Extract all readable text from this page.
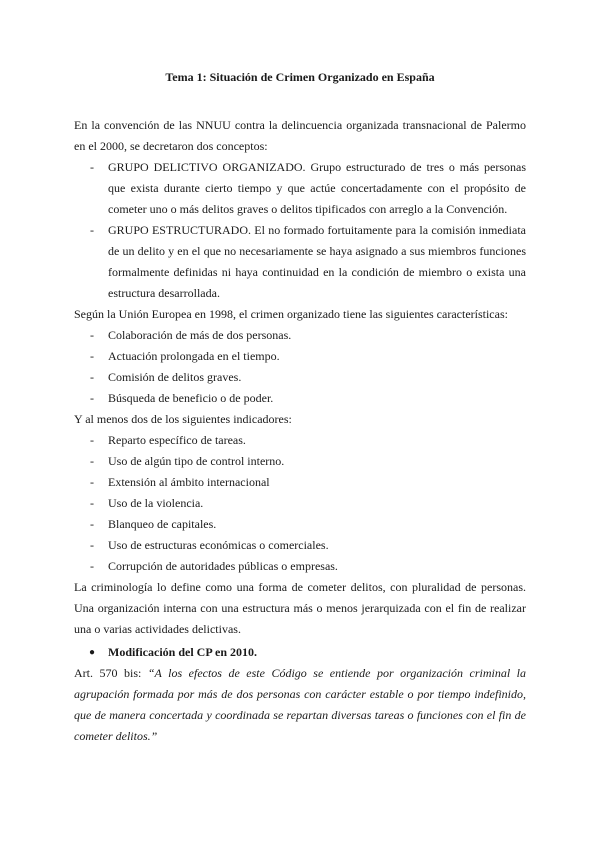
Tema 1: Situación de Crimen Organizado en España

En la convención de las NNUU contra la delincuencia organizada transnacional de Palermo en el 2000, se decretaron dos conceptos:

- GRUPO DELICTIVO ORGANIZADO. Grupo estructurado de tres o más personas que exista durante cierto tiempo y que actúe concertadamente con el propósito de cometer uno o más delitos graves o delitos tipificados con arreglo a la Convención.
- GRUPO ESTRUCTURADO. El no formado fortuitamente para la comisión inmediata de un delito y en el que no necesariamente se haya asignado a sus miembros funciones formalmente definidas ni haya continuidad en la condición de miembro o exista una estructura desarrollada.

Según la Unión Europea en 1998, el crimen organizado tiene las siguientes características:

- Colaboración de más de dos personas.
- Actuación prolongada en el tiempo.
- Comisión de delitos graves.
- Búsqueda de beneficio o de poder.

Y al menos dos de los siguientes indicadores:

- Reparto específico de tareas.
- Uso de algún tipo de control interno.
- Extensión al ámbito internacional
- Uso de la violencia.
- Blanqueo de capitales.
- Uso de estructuras económicas o comerciales.
- Corrupción de autoridades públicas o empresas.

La criminología lo define como una forma de cometer delitos, con pluralidad de personas. Una organización interna con una estructura más o menos jerarquizada con el fin de realizar una o varias actividades delictivas.

● Modificación del CP en 2010.

Art. 570 bis: “A los efectos de este Código se entiende por organización criminal la agrupación formada por más de dos personas con carácter estable o por tiempo indefinido, que de manera concertada y coordinada se repartan diversas tareas o funciones con el fin de cometer delitos.”
